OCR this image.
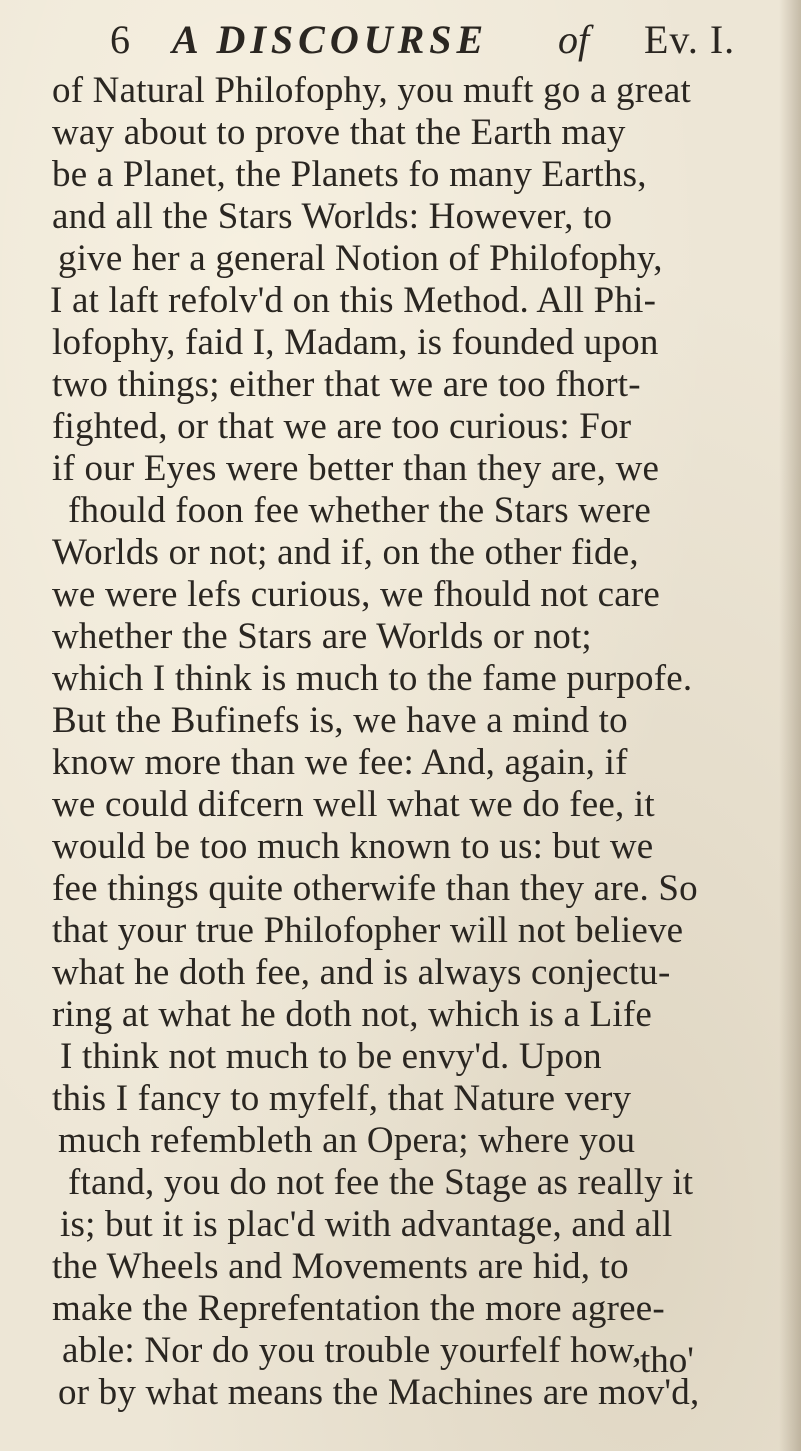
6 A DISCOURSE of Ev. I.
of Natural Philofophy, you muft go a great
way about to prove that the Earth may
be a Planet, the Planets fo many Earths,
and all the Stars Worlds: However, to
give her a general Notion of Philofophy,
I at laft refolv'd on this Method. All Phi-
lofophy, faid I, Madam, is founded upon
two things; either that we are too fhort-
fighted, or that we are too curious: For
if our Eyes were better than they are, we
fhould foon fee whether the Stars were
Worlds or not; and if, on the other fide,
we were lefs curious, we fhould not care
whether the Stars are Worlds or not;
which I think is much to the fame purpofe.
But the Bufinefs is, we have a mind to
know more than we fee: And, again, if
we could difcern well what we do fee, it
would be too much known to us: but we
fee things quite otherwife than they are. So
that your true Philofopher will not believe
what he doth fee, and is always conjectu-
ring at what he doth not, which is a Life
I think not much to be envy'd. Upon
this I fancy to myfelf, that Nature very
much refembleth an Opera; where you
ftand, you do not fee the Stage as really it
is; but it is plac'd with advantage, and all
the Wheels and Movements are hid, to
make the Reprefentation the more agree-
able: Nor do you trouble yourfelf how,
or by what means the Machines are mov'd,
tho'
